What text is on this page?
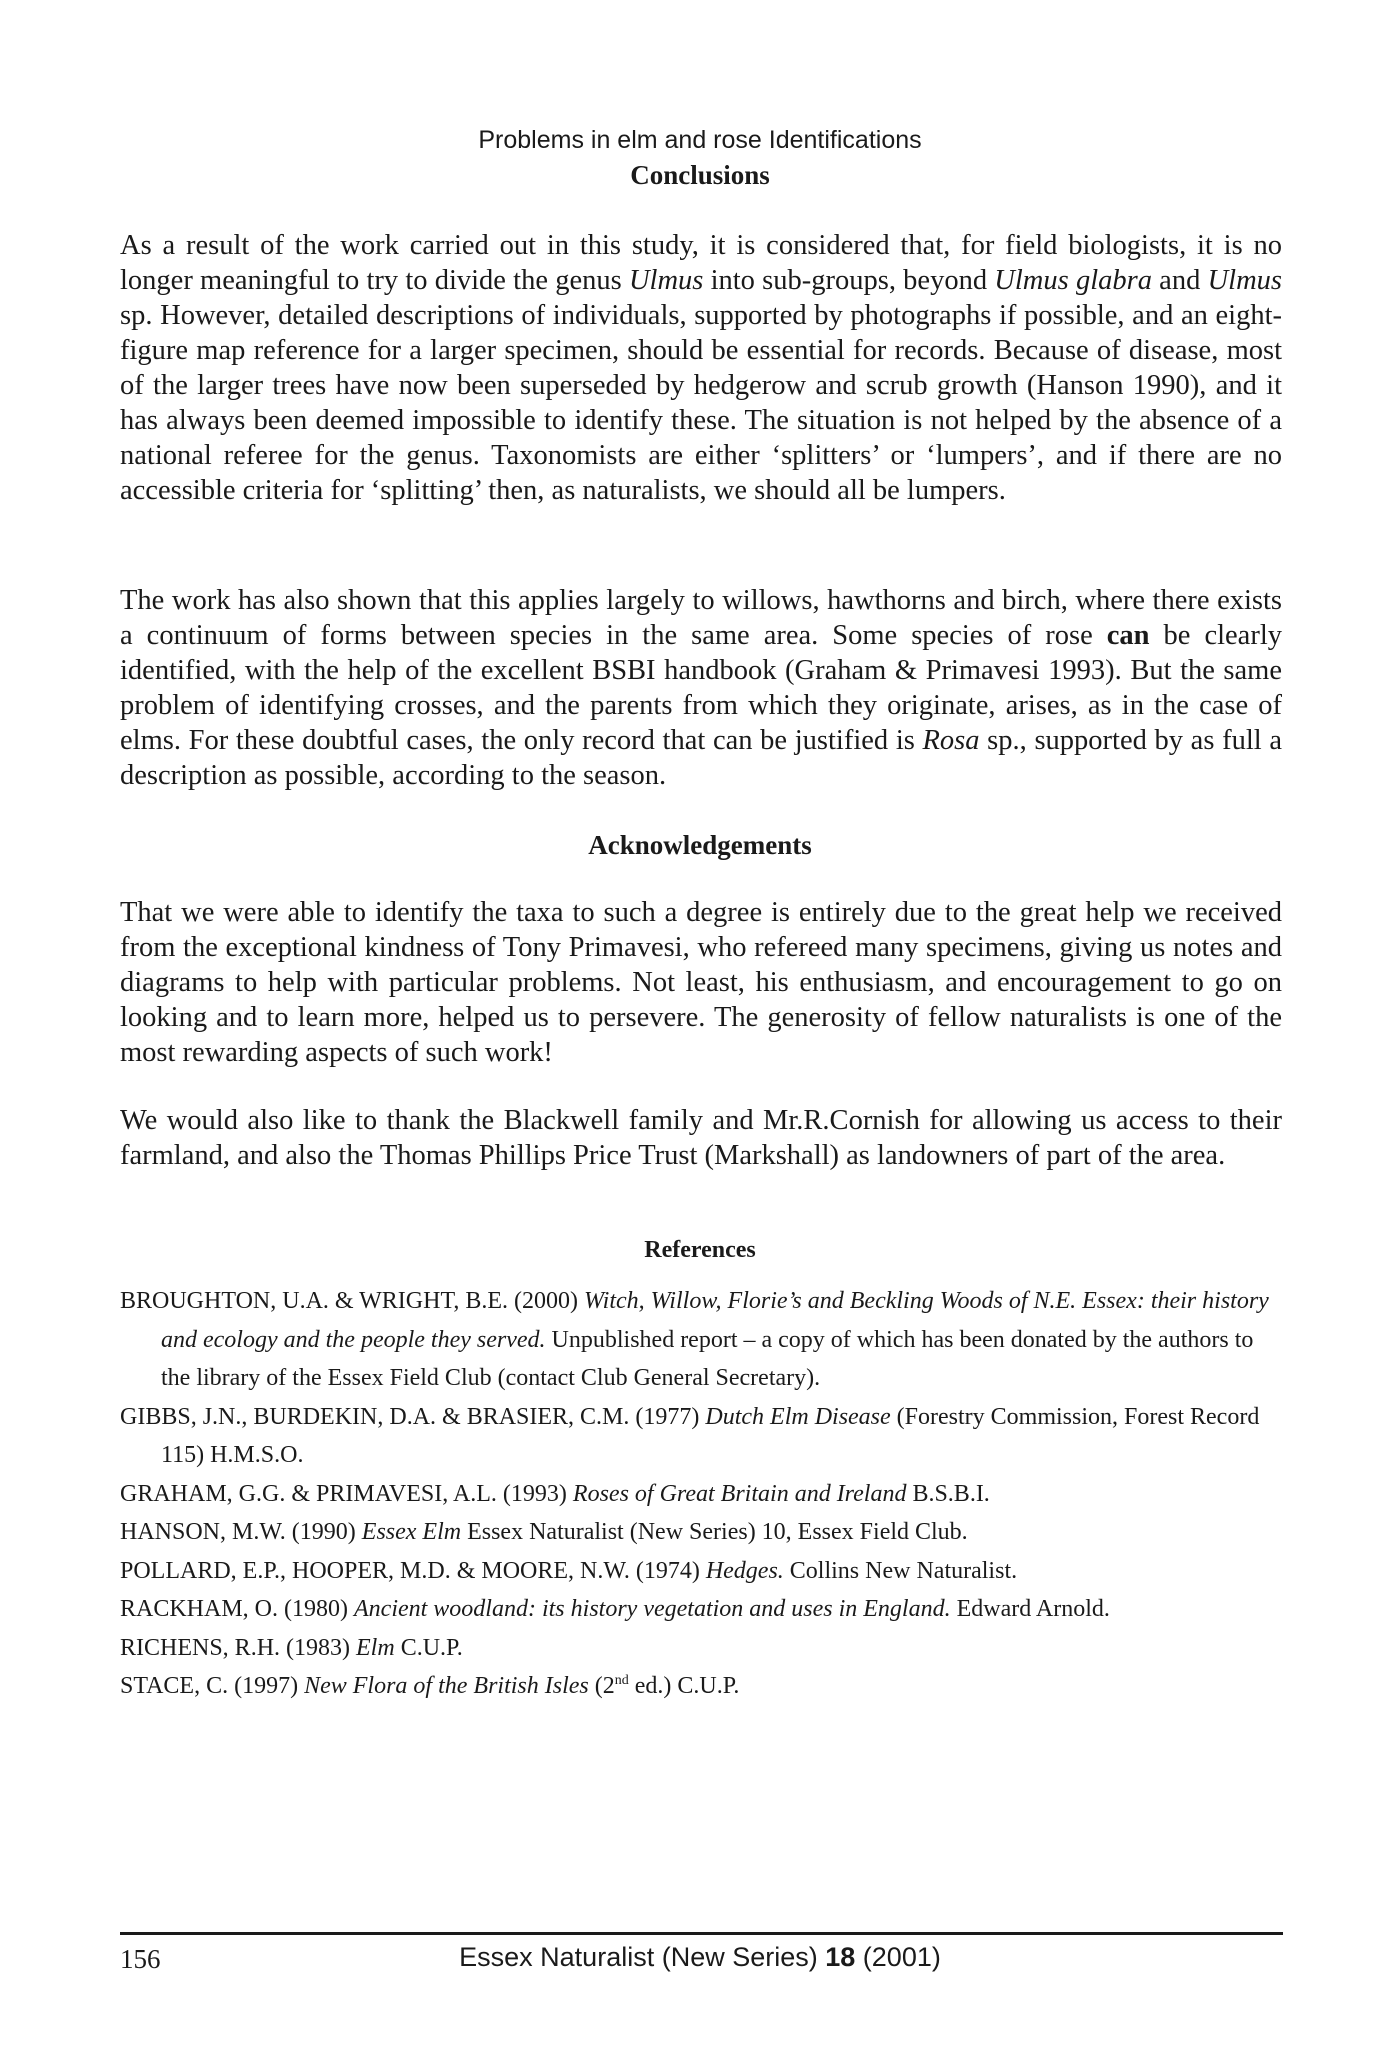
Problems in elm and rose Identifications
Conclusions

As a result of the work carried out in this study, it is considered that, for field biologists, it is no longer meaningful to try to divide the genus Ulmus into sub-groups, beyond Ulmus glabra and Ulmus sp. However, detailed descriptions of individuals, supported by photographs if possible, and an eight-figure map reference for a larger specimen, should be essential for records. Because of disease, most of the larger trees have now been superseded by hedgerow and scrub growth (Hanson 1990), and it has always been deemed impossible to identify these. The situation is not helped by the absence of a national referee for the genus. Taxonomists are either ‘splitters’ or ‘lumpers’, and if there are no accessible criteria for ‘splitting’ then, as naturalists, we should all be lumpers.

The work has also shown that this applies largely to willows, hawthorns and birch, where there exists a continuum of forms between species in the same area. Some species of rose can be clearly identified, with the help of the excellent BSBI handbook (Graham & Primavesi 1993). But the same problem of identifying crosses, and the parents from which they originate, arises, as in the case of elms. For these doubtful cases, the only record that can be justified is Rosa sp., supported by as full a description as possible, according to the season.

Acknowledgements

That we were able to identify the taxa to such a degree is entirely due to the great help we received from the exceptional kindness of Tony Primavesi, who refereed many specimens, giving us notes and diagrams to help with particular problems. Not least, his enthusiasm, and encouragement to go on looking and to learn more, helped us to persevere. The generosity of fellow naturalists is one of the most rewarding aspects of such work!

We would also like to thank the Blackwell family and Mr.R.Cornish for allowing us access to their farmland, and also the Thomas Phillips Price Trust (Markshall) as landowners of part of the area.

References
BROUGHTON, U.A. & WRIGHT, B.E. (2000) Witch, Willow, Florie’s and Beckling Woods of N.E. Essex: their history and ecology and the people they served. Unpublished report – a copy of which has been donated by the authors to the library of the Essex Field Club (contact Club General Secretary).
GIBBS, J.N., BURDEKIN, D.A. & BRASIER, C.M. (1977) Dutch Elm Disease (Forestry Commission, Forest Record 115) H.M.S.O.
GRAHAM, G.G. & PRIMAVESI, A.L. (1993) Roses of Great Britain and Ireland B.S.B.I.
HANSON, M.W. (1990) Essex Elm Essex Naturalist (New Series) 10, Essex Field Club.
POLLARD, E.P., HOOPER, M.D. & MOORE, N.W. (1974) Hedges. Collins New Naturalist.
RACKHAM, O. (1980) Ancient woodland: its history vegetation and uses in England. Edward Arnold.
RICHENS, R.H. (1983) Elm C.U.P.
STACE, C. (1997) New Flora of the British Isles (2nd ed.) C.U.P.
156	Essex Naturalist (New Series) 18 (2001)
